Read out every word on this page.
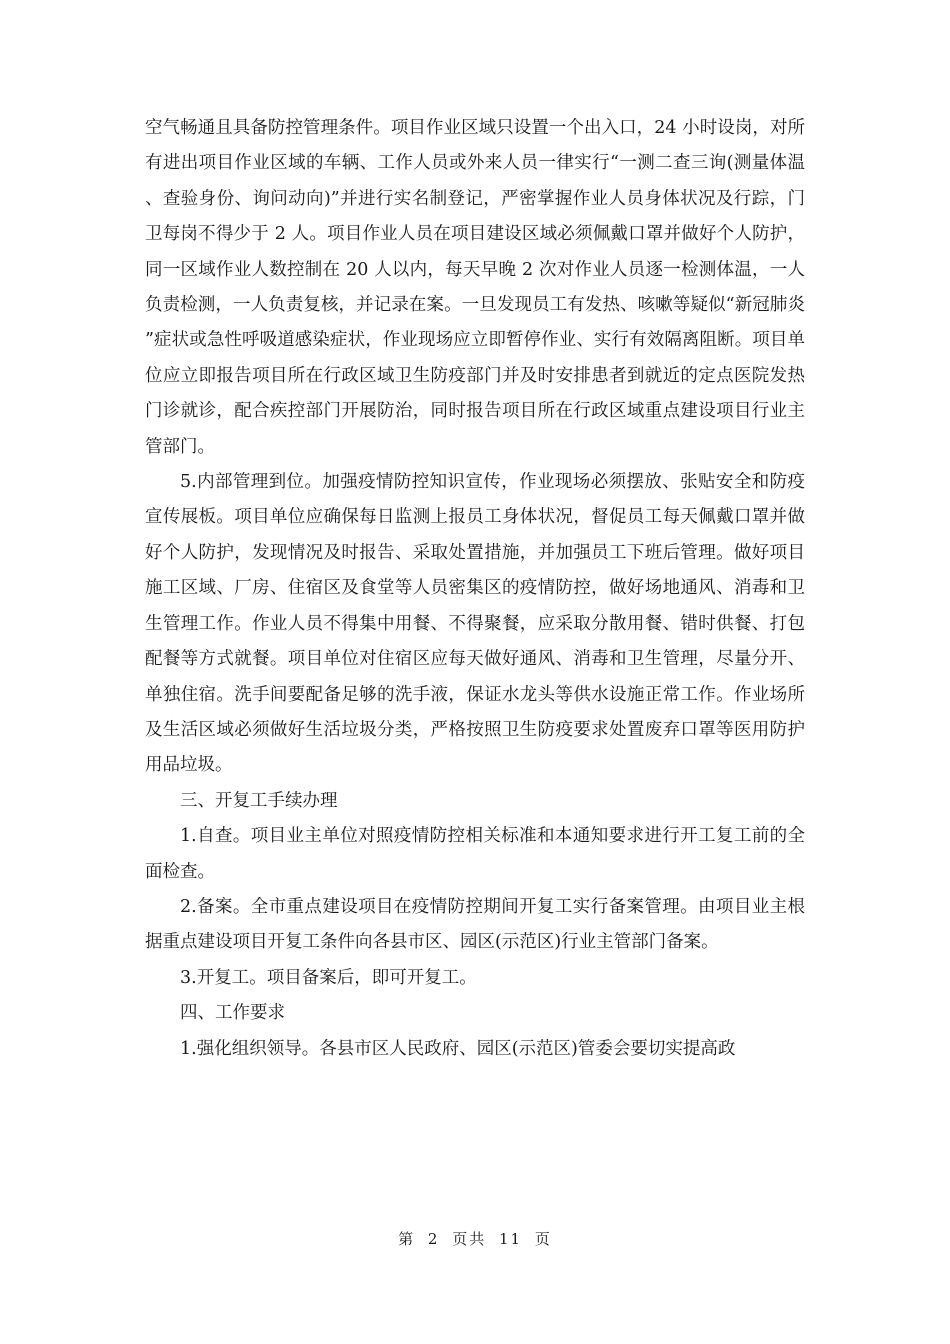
空气畅通且具备防控管理条件。项目作业区域只设置一个出入口，24 小时设岗，对所有进出项目作业区域的车辆、工作人员或外来人员一律实行“一测二查三询(测量体温、查验身份、询问动向)”并进行实名制登记，严密掌握作业人员身体状况及行踪，门卫每岗不得少于 2 人。项目作业人员在项目建设区域必须佩戴口罩并做好个人防护，同一区域作业人数控制在 20 人以内，每天早晚 2 次对作业人员逐一检测体温，一人负责检测，一人负责复核，并记录在案。一旦发现员工有发热、咳嗽等疑似“新冠肺炎”症状或急性呼吸道感染症状，作业现场应立即暂停作业、实行有效隔离阻断。项目单位应立即报告项目所在行政区域卫生防疫部门并及时安排患者到就近的定点医院发热门诊就诊，配合疾控部门开展防治，同时报告项目所在行政区域重点建设项目行业主管部门。

5.内部管理到位。加强疫情防控知识宣传，作业现场必须摆放、张贴安全和防疫宣传展板。项目单位应确保每日监测上报员工身体状况，督促员工每天佩戴口罩并做好个人防护，发现情况及时报告、采取处置措施，并加强员工下班后管理。做好项目施工区域、厂房、住宿区及食堂等人员密集区的疫情防控，做好场地通风、消毒和卫生管理工作。作业人员不得集中用餐、不得聚餐，应采取分散用餐、错时供餐、打包配餐等方式就餐。项目单位对住宿区应每天做好通风、消毒和卫生管理，尽量分开、单独住宿。洗手间要配备足够的洗手液，保证水龙头等供水设施正常工作。作业场所及生活区域必须做好生活垃圾分类，严格按照卫生防疫要求处置废弃口罩等医用防护用品垃圾。

三、开复工手续办理

1.自查。项目业主单位对照疫情防控相关标准和本通知要求进行开工复工前的全面检查。

2.备案。全市重点建设项目在疫情防控期间开复工实行备案管理。由项目业主根据重点建设项目开复工条件向各县市区、园区(示范区)行业主管部门备案。

3.开复工。项目备案后，即可开复工。

四、工作要求

1.强化组织领导。各县市区人民政府、园区(示范区)管委会要切实提高政

第 2 页共 11 页
